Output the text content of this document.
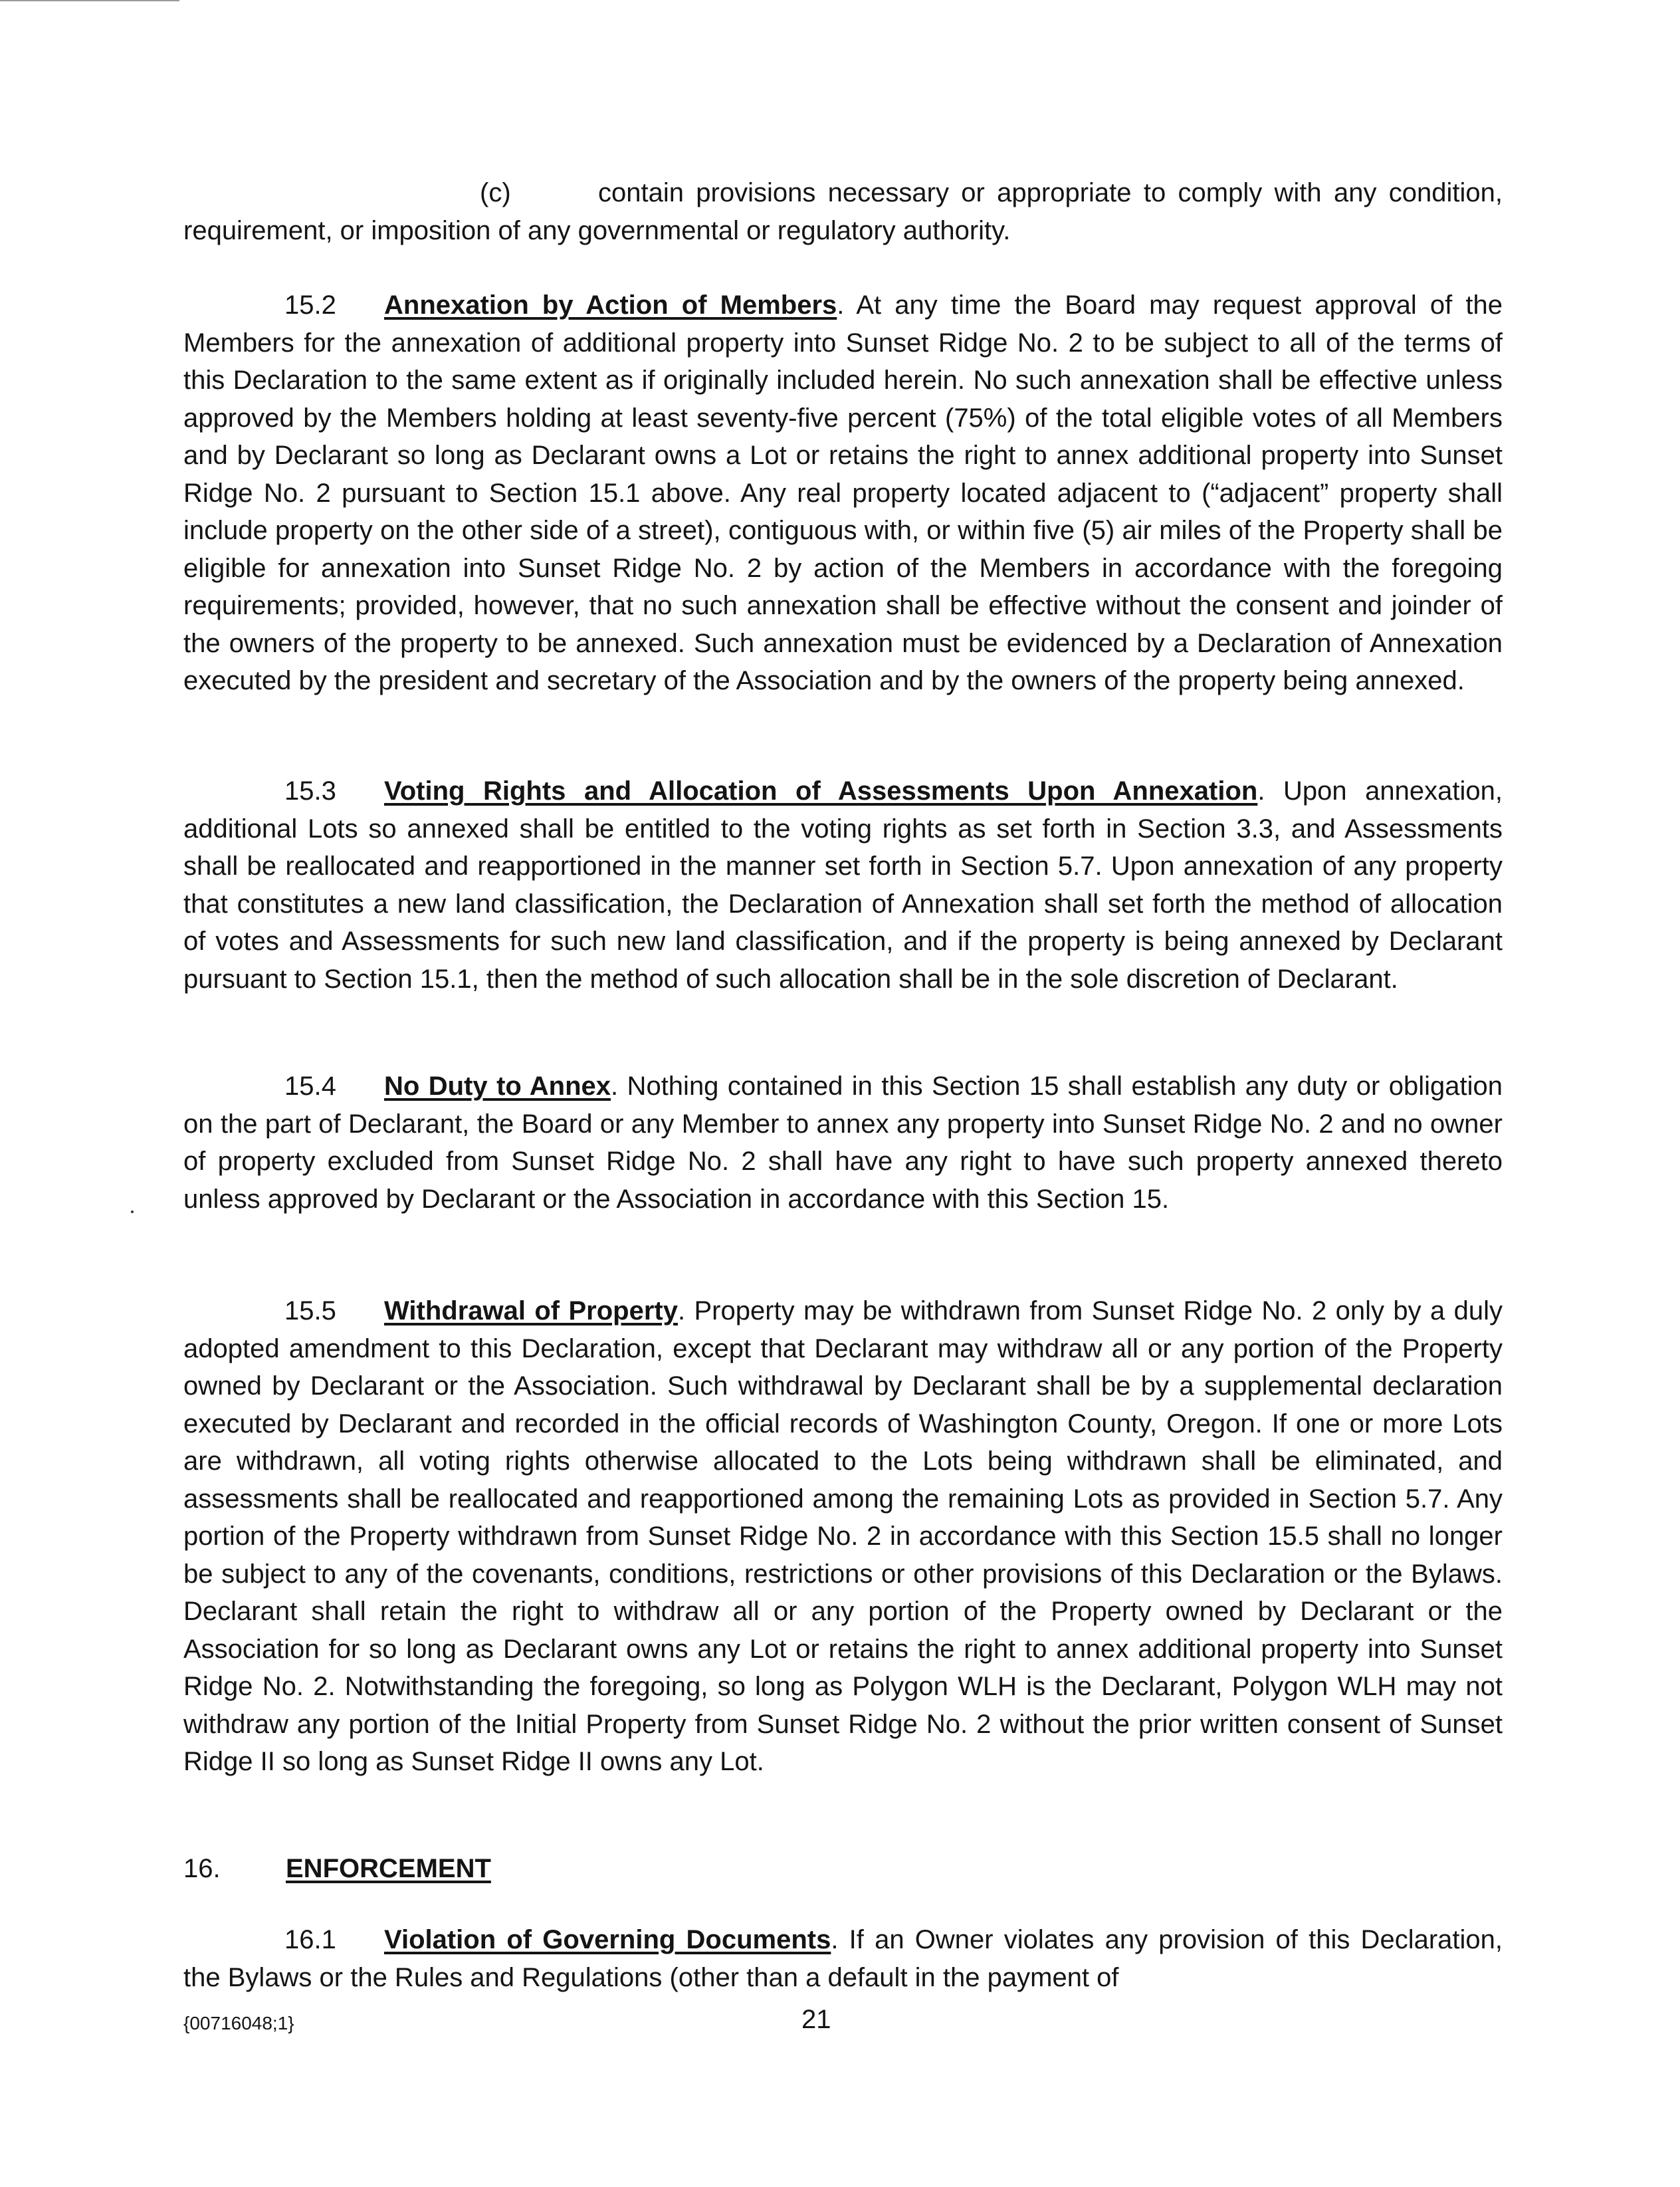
(c)	contain provisions necessary or appropriate to comply with any condition, requirement, or imposition of any governmental or regulatory authority.

15.2 Annexation by Action of Members. At any time the Board may request approval of the Members for the annexation of additional property into Sunset Ridge No. 2 to be subject to all of the terms of this Declaration to the same extent as if originally included herein. No such annexation shall be effective unless approved by the Members holding at least seventy-five percent (75%) of the total eligible votes of all Members and by Declarant so long as Declarant owns a Lot or retains the right to annex additional property into Sunset Ridge No. 2 pursuant to Section 15.1 above. Any real property located adjacent to (“adjacent” property shall include property on the other side of a street), contiguous with, or within five (5) air miles of the Property shall be eligible for annexation into Sunset Ridge No. 2 by action of the Members in accordance with the foregoing requirements; provided, however, that no such annexation shall be effective without the consent and joinder of the owners of the property to be annexed. Such annexation must be evidenced by a Declaration of Annexation executed by the president and secretary of the Association and by the owners of the property being annexed.

15.3 Voting Rights and Allocation of Assessments Upon Annexation. Upon annexation, additional Lots so annexed shall be entitled to the voting rights as set forth in Section 3.3, and Assessments shall be reallocated and reapportioned in the manner set forth in Section 5.7. Upon annexation of any property that constitutes a new land classification, the Declaration of Annexation shall set forth the method of allocation of votes and Assessments for such new land classification, and if the property is being annexed by Declarant pursuant to Section 15.1, then the method of such allocation shall be in the sole discretion of Declarant.

15.4 No Duty to Annex. Nothing contained in this Section 15 shall establish any duty or obligation on the part of Declarant, the Board or any Member to annex any property into Sunset Ridge No. 2 and no owner of property excluded from Sunset Ridge No. 2 shall have any right to have such property annexed thereto unless approved by Declarant or the Association in accordance with this Section 15.

15.5 Withdrawal of Property. Property may be withdrawn from Sunset Ridge No. 2 only by a duly adopted amendment to this Declaration, except that Declarant may withdraw all or any portion of the Property owned by Declarant or the Association. Such withdrawal by Declarant shall be by a supplemental declaration executed by Declarant and recorded in the official records of Washington County, Oregon. If one or more Lots are withdrawn, all voting rights otherwise allocated to the Lots being withdrawn shall be eliminated, and assessments shall be reallocated and reapportioned among the remaining Lots as provided in Section 5.7. Any portion of the Property withdrawn from Sunset Ridge No. 2 in accordance with this Section 15.5 shall no longer be subject to any of the covenants, conditions, restrictions or other provisions of this Declaration or the Bylaws. Declarant shall retain the right to withdraw all or any portion of the Property owned by Declarant or the Association for so long as Declarant owns any Lot or retains the right to annex additional property into Sunset Ridge No. 2. Notwithstanding the foregoing, so long as Polygon WLH is the Declarant, Polygon WLH may not withdraw any portion of the Initial Property from Sunset Ridge No. 2 without the prior written consent of Sunset Ridge II so long as Sunset Ridge II owns any Lot.

16. ENFORCEMENT

16.1 Violation of Governing Documents. If an Owner violates any provision of this Declaration, the Bylaws or the Rules and Regulations (other than a default in the payment of

{00716048;1}	21
